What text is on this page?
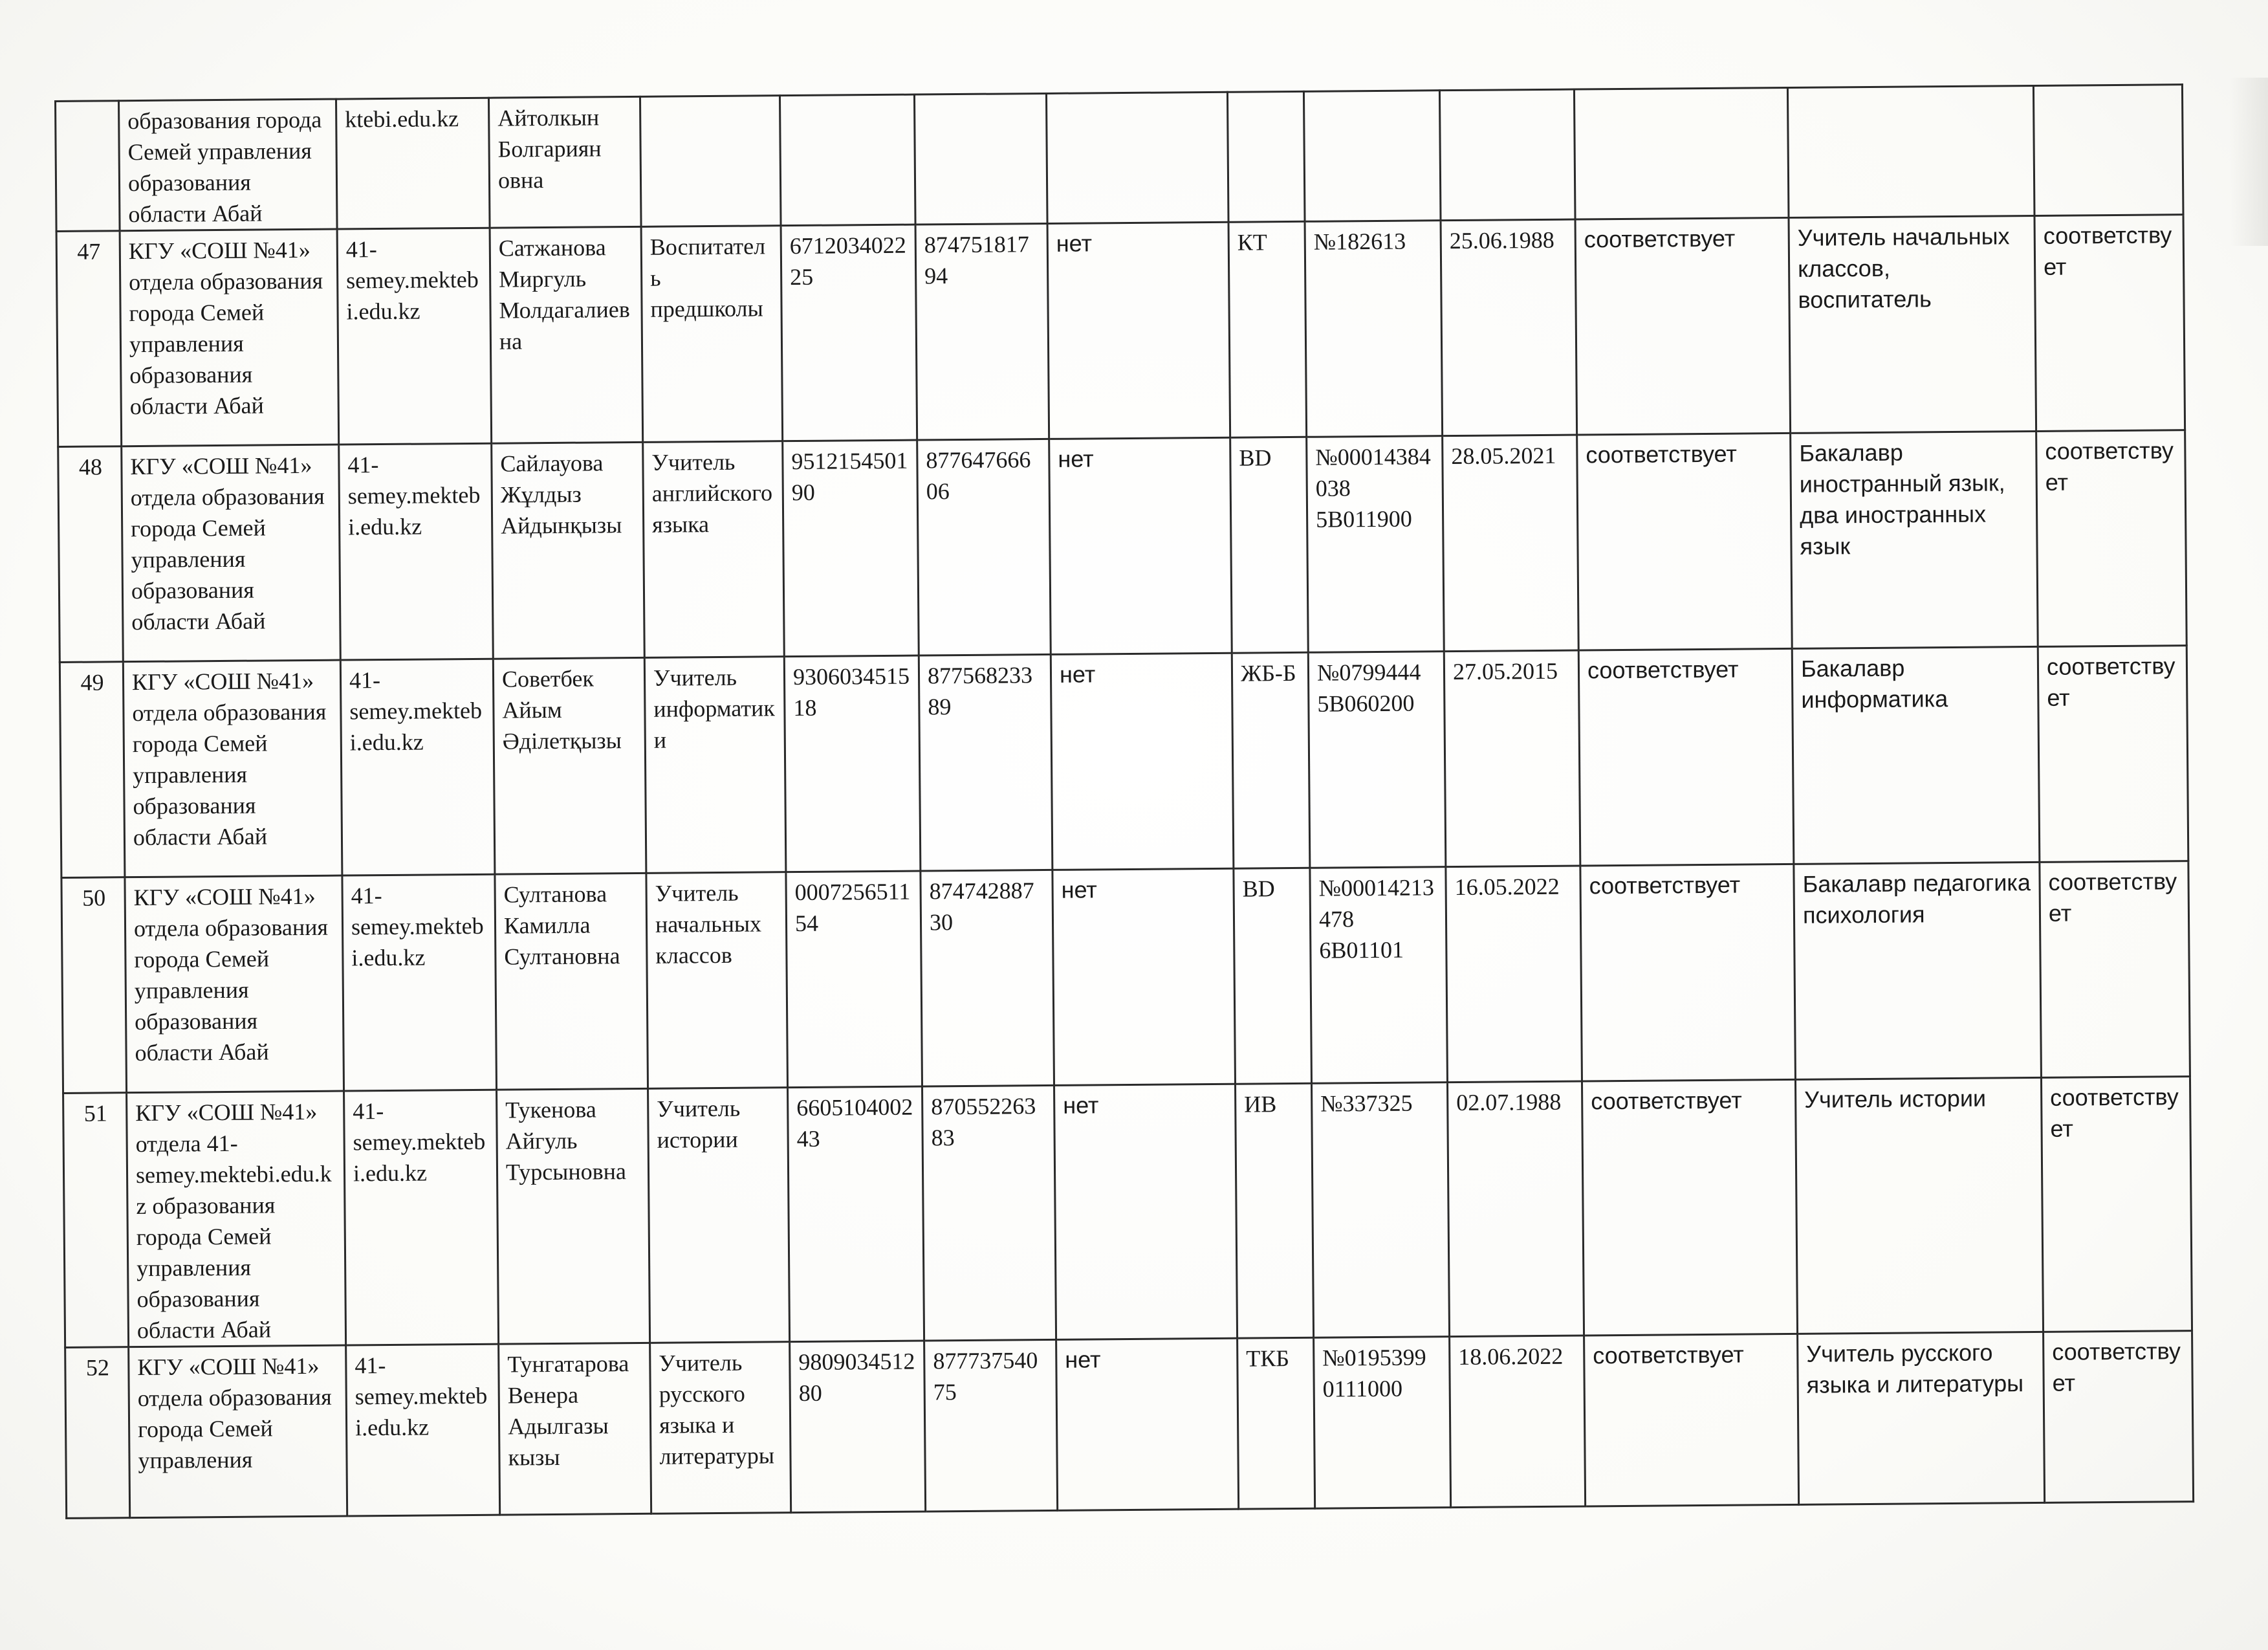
	образования города Семей управления образования области Абай	ktebi.edu.kz	Айтолкын Болгариян овна										
47	КГУ «СОШ №41» отдела образования города Семей управления образования области Абай	41-semey.mektebi.edu.kz	Сатжанова Миргуль Молдагалиевна	Воспитатель предшколы	671203402225	87475181794	нет	КТ	№182613	25.06.1988	соответствует	Учитель начальных классов, воспитатель	соответствует
48	КГУ «СОШ №41» отдела образования города Семей управления образования области Абай	41-semey.mektebi.edu.kz	Сайлауова Жұлдыз Айдынқызы	Учитель английского языка	951215450190	87764766606	нет	BD	№00014384038 5B011900	28.05.2021	соответствует	Бакалавр иностранный язык, два иностранных язык	соответствует
49	КГУ «СОШ №41» отдела образования города Семей управления образования области Абай	41-semey.mektebi.edu.kz	Советбек Айым Әділетқызы	Учитель информатики	930603451518	87756823389	нет	ЖБ-Б	№0799444 5B060200	27.05.2015	соответствует	Бакалавр информатика	соответствует
50	КГУ «СОШ №41» отдела образования города Семей управления образования области Абай	41-semey.mektebi.edu.kz	Султанова Камилла Султановна	Учитель начальных классов	000725651154	87474288730	нет	BD	№00014213478 6B01101	16.05.2022	соответствует	Бакалавр педагогика психология	соответствует
51	КГУ «СОШ №41» отдела 41-semey.mektebi.edu.kz образования города Семей управления образования области Абай	41-semey.mektebi.edu.kz	Тукенова Айгуль Турсыновна	Учитель истории	660510400243	87055226383	нет	ИВ	№337325	02.07.1988	соответствует	Учитель истории	соответствует
52	КГУ «СОШ №41» отдела образования города Семей управления	41-semey.mektebi.edu.kz	Тунгатарова Венера Адылгазы кызы	Учитель русского языка и литературы	980903451280	87773754075	нет	ТКБ	№0195399 0111000	18.06.2022	соответствует	Учитель русского языка и литературы	соответствует
